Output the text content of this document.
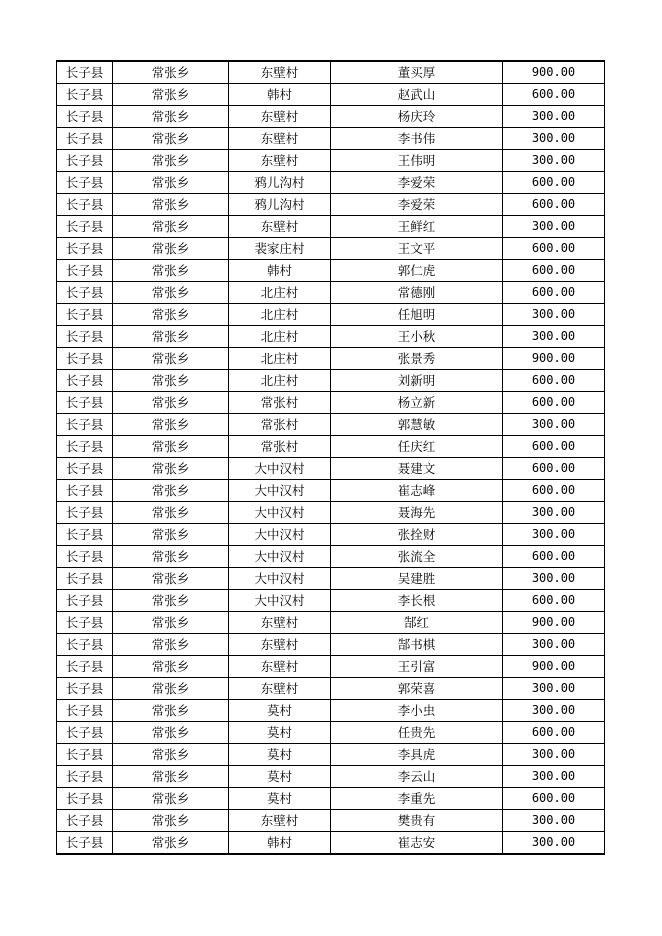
长子县	常张乡	东壁村	董买厚	900.00
长子县	常张乡	韩村	赵武山	600.00
长子县	常张乡	东壁村	杨庆玲	300.00
长子县	常张乡	东壁村	李书伟	300.00
长子县	常张乡	东壁村	王伟明	300.00
长子县	常张乡	鸦儿沟村	李爱荣	600.00
长子县	常张乡	鸦儿沟村	李爱荣	600.00
长子县	常张乡	东壁村	王鲜红	300.00
长子县	常张乡	裴家庄村	王文平	600.00
长子县	常张乡	韩村	郭仁虎	600.00
长子县	常张乡	北庄村	常德刚	600.00
长子县	常张乡	北庄村	任旭明	300.00
长子县	常张乡	北庄村	王小秋	300.00
长子县	常张乡	北庄村	张景秀	900.00
长子县	常张乡	北庄村	刘新明	600.00
长子县	常张乡	常张村	杨立新	600.00
长子县	常张乡	常张村	郭慧敏	300.00
长子县	常张乡	常张村	任庆红	600.00
长子县	常张乡	大中汉村	聂建文	600.00
长子县	常张乡	大中汉村	崔志峰	600.00
长子县	常张乡	大中汉村	聂海先	300.00
长子县	常张乡	大中汉村	张拴财	300.00
长子县	常张乡	大中汉村	张流全	600.00
长子县	常张乡	大中汉村	吴建胜	300.00
长子县	常张乡	大中汉村	李长根	600.00
长子县	常张乡	东壁村	郜红	900.00
长子县	常张乡	东壁村	郜书棋	300.00
长子县	常张乡	东壁村	王引富	900.00
长子县	常张乡	东壁村	郭荣喜	300.00
长子县	常张乡	莫村	李小虫	300.00
长子县	常张乡	莫村	任贵先	600.00
长子县	常张乡	莫村	李具虎	300.00
长子县	常张乡	莫村	李云山	300.00
长子县	常张乡	莫村	李重先	600.00
长子县	常张乡	东壁村	樊贵有	300.00
长子县	常张乡	韩村	崔志安	300.00
